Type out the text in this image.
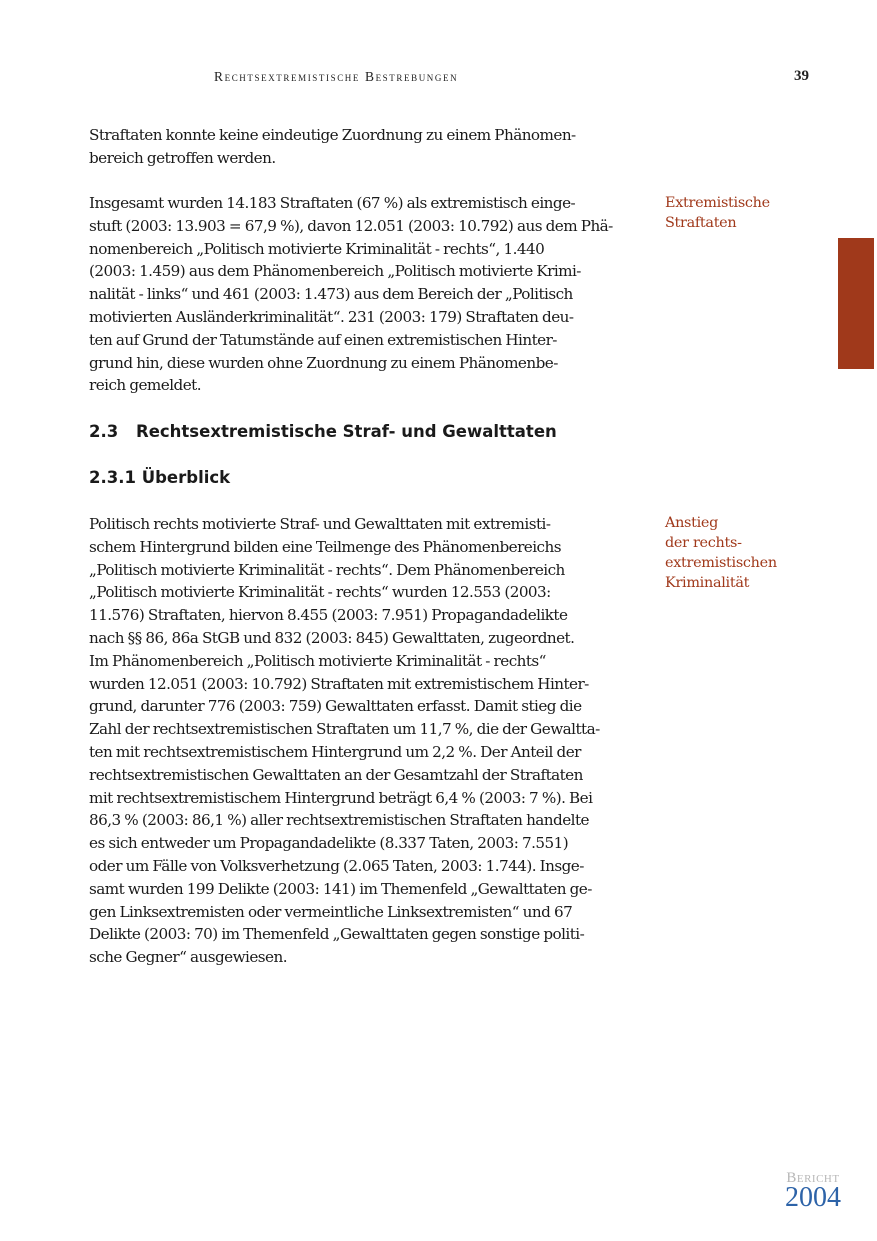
Rechtsextremistische Bestrebungen	39

Straftaten konnte keine eindeutige Zuordnung zu einem Phänomen-
bereich getroffen werden.

Insgesamt wurden 14.183 Straftaten (67 %) als extremistisch einge-
stuft (2003: 13.903 = 67,9 %), davon 12.051 (2003: 10.792) aus dem Phä-
nomenbereich „Politisch motivierte Kriminalität - rechts“, 1.440
(2003: 1.459) aus dem Phänomenbereich „Politisch motivierte Krimi-
nalität - links“ und 461 (2003: 1.473) aus dem Bereich der „Politisch
motivierten Ausländerkriminalität“. 231 (2003: 179) Straftaten deu-
ten auf Grund der Tatumstände auf einen extremistischen Hinter-
grund hin, diese wurden ohne Zuordnung zu einem Phänomenbe-
reich gemeldet.

2.3 Rechtsextremistische Straf- und Gewalttaten
2.3.1 Überblick

Politisch rechts motivierte Straf- und Gewalttaten mit extremisti-
schem Hintergrund bilden eine Teilmenge des Phänomenbereichs
„Politisch motivierte Kriminalität - rechts“. Dem Phänomenbereich
„Politisch motivierte Kriminalität - rechts“ wurden 12.553 (2003:
11.576) Straftaten, hiervon 8.455 (2003: 7.951) Propagandadelikte
nach §§ 86, 86a StGB und 832 (2003: 845) Gewalttaten, zugeordnet.
Im Phänomenbereich „Politisch motivierte Kriminalität - rechts“
wurden 12.051 (2003: 10.792) Straftaten mit extremistischem Hinter-
grund, darunter 776 (2003: 759) Gewalttaten erfasst. Damit stieg die
Zahl der rechtsextremistischen Straftaten um 11,7 %, die der Gewaltta-
ten mit rechtsextremistischem Hintergrund um 2,2 %. Der Anteil der
rechtsextremistischen Gewalttaten an der Gesamtzahl der Straftaten
mit rechtsextremistischem Hintergrund beträgt 6,4 % (2003: 7 %). Bei
86,3 % (2003: 86,1 %) aller rechtsextremistischen Straftaten handelte
es sich entweder um Propagandadelikte (8.337 Taten, 2003: 7.551)
oder um Fälle von Volksverhetzung (2.065 Taten, 2003: 1.744). Insge-
samt wurden 199 Delikte (2003: 141) im Themenfeld „Gewalttaten ge-
gen Linksextremisten oder vermeintliche Linksextremisten“ und 67
Delikte (2003: 70) im Themenfeld „Gewalttaten gegen sonstige politi-
sche Gegner“ ausgewiesen.

Extremistische
Straftaten
Anstieg
der rechts-
extremistischen
Kriminalität
Bericht
2004
